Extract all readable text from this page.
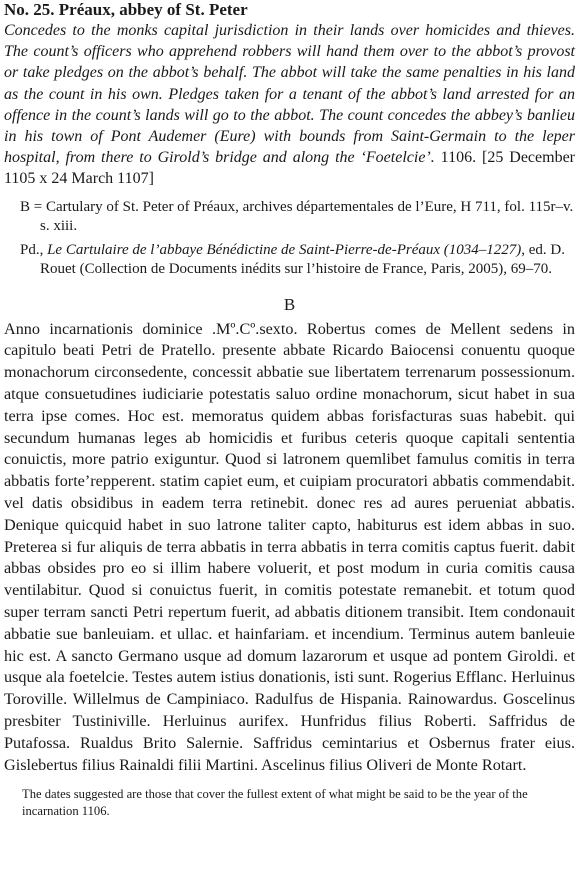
No. 25. Préaux, abbey of St. Peter

Concedes to the monks capital jurisdiction in their lands over homicides and thieves. The count’s officers who apprehend robbers will hand them over to the abbot’s provost or take pledges on the abbot’s behalf. The abbot will take the same penalties in his land as the count in his own. Pledges taken for a tenant of the abbot’s land arrested for an offence in the count’s lands will go to the abbot. The count concedes the abbey’s banlieu in his town of Pont Audemer (Eure) with bounds from Saint-Germain to the leper hospital, from there to Girold’s bridge and along the ‘Foetelcie’. 1106. [25 December 1105 x 24 March 1107]

B = Cartulary of St. Peter of Préaux, archives départementales de l’Eure, H 711, fol. 115r–v. s. xiii.

Pd., Le Cartulaire de l’abbaye Bénédictine de Saint-Pierre-de-Préaux (1034–1227), ed. D. Rouet (Collection de Documents inédits sur l’histoire de France, Paris, 2005), 69–70.

B

Anno incarnationis dominice .Mº.Cº.sexto. Robertus comes de Mellent sedens in capitulo beati Petri de Pratello. presente abbate Ricardo Baiocensi conuentu quoque monachorum circonsedente, concessit abbatie sue libertatem terrenarum possessionum. atque consuetudines iudiciarie potestatis saluo ordine monachorum, sicut habet in sua terra ipse comes. Hoc est. memoratus quidem abbas forisfacturas suas habebit. qui secundum humanas leges ab homicidis et furibus ceteris quoque capitali sententia conuictis, more patrio exiguntur. Quod si latronem quemlibet famulus comitis in terra abbatis forte’repperent. statim capiet eum, et cuipiam procuratori abbatis commendabit. vel datis obsidibus in eadem terra retinebit. donec res ad aures perueniat abbatis. Denique quicquid habet in suo latrone taliter capto, habiturus est idem abbas in suo. Preterea si fur aliquis de terra abbatis in terra abbatis in terra comitis captus fuerit. dabit abbas obsides pro eo si illim habere voluerit, et post modum in curia comitis causa ventilabitur. Quod si conuictus fuerit, in comitis potestate remanebit. et totum quod super terram sancti Petri repertum fuerit, ad abbatis ditionem transibit. Item condonauit abbatie sue banleuiam. et ullac. et hainfariam. et incendium. Terminus autem banleuie hic est. A sancto Germano usque ad domum lazarorum et usque ad pontem Giroldi. et usque ala foetelcie. Testes autem istius donationis, isti sunt. Rogerius Efflanc. Herluinus Toroville. Willelmus de Campiniaco. Radulfus de Hispania. Rainowardus. Goscelinus presbiter Tustiniville. Herluinus aurifex. Hunfridus filius Roberti. Saffridus de Putafossa. Rualdus Brito Salernie. Saffridus cemintarius et Osbernus frater eius. Gislebertus filius Rainaldi filii Martini. Ascelinus filius Oliveri de Monte Rotart.

The dates suggested are those that cover the fullest extent of what might be said to be the year of the incarnation 1106.
